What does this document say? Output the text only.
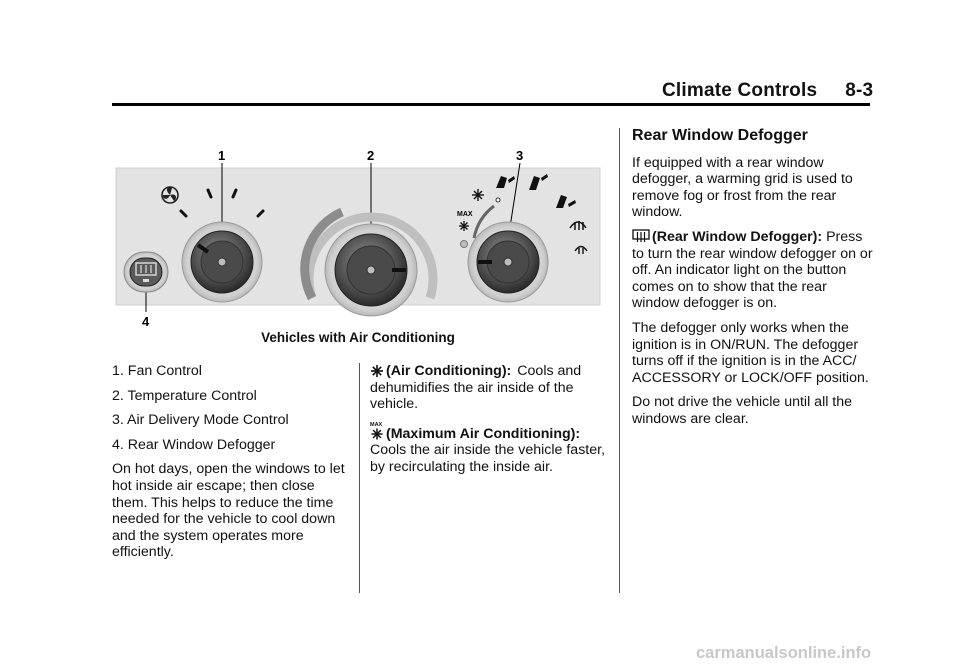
Climate Controls 8-3
1	2	3
4
MAX
Vehicles with Air Conditioning

1. Fan Control

2. Temperature Control

3. Air Delivery Mode Control

4. Rear Window Defogger

On hot days, open the windows to let hot inside air escape; then close them. This helps to reduce the time needed for the vehicle to cool down and the system operates more efficiently.

(Air Conditioning): Cools and dehumidifies the air inside of the vehicle.

MAX
(Maximum Air Conditioning):
Cools the air inside the vehicle faster, by recirculating the inside air.

Rear Window Defogger

If equipped with a rear window defogger, a warming grid is used to remove fog or frost from the rear window.

(Rear Window Defogger): Press to turn the rear window defogger on or off. An indicator light on the button comes on to show that the rear window defogger is on.

The defogger only works when the ignition is in ON/RUN. The defogger turns off if the ignition is in the ACC/ ACCESSORY or LOCK/OFF position.

Do not drive the vehicle until all the windows are clear.

carmanualsonline.info
